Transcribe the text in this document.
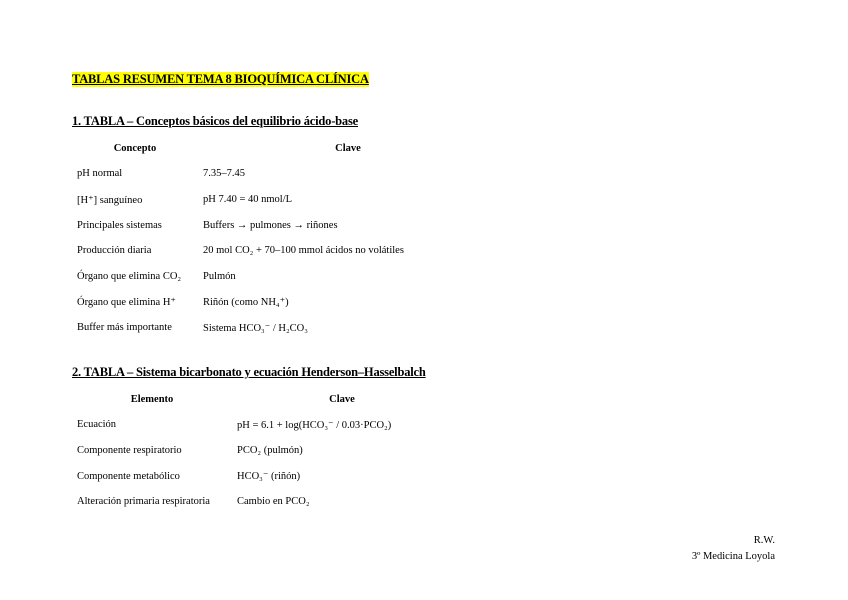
TABLAS RESUMEN TEMA 8 BIOQUÍMICA CLÍNICA
1. TABLA – Conceptos básicos del equilibrio ácido-base
Concepto	Clave
pH normal	7.35–7.45
[H⁺] sanguíneo	pH 7.40 = 40 nmol/L
Principales sistemas	Buffers → pulmones → riñones
Producción diaria	20 mol CO₂ + 70–100 mmol ácidos no volátiles
Órgano que elimina CO₂	Pulmón
Órgano que elimina H⁺	Riñón (como NH₄⁺)
Buffer más importante	Sistema HCO₃⁻ / H₂CO₃
2. TABLA – Sistema bicarbonato y ecuación Henderson–Hasselbalch
Elemento	Clave
Ecuación	pH = 6.1 + log(HCO₃⁻ / 0.03·PCO₂)
Componente respiratorio	PCO₂ (pulmón)
Componente metabólico	HCO₃⁻ (riñón)
Alteración primaria respiratoria	Cambio en PCO₂
R.W.
3º Medicina Loyola
